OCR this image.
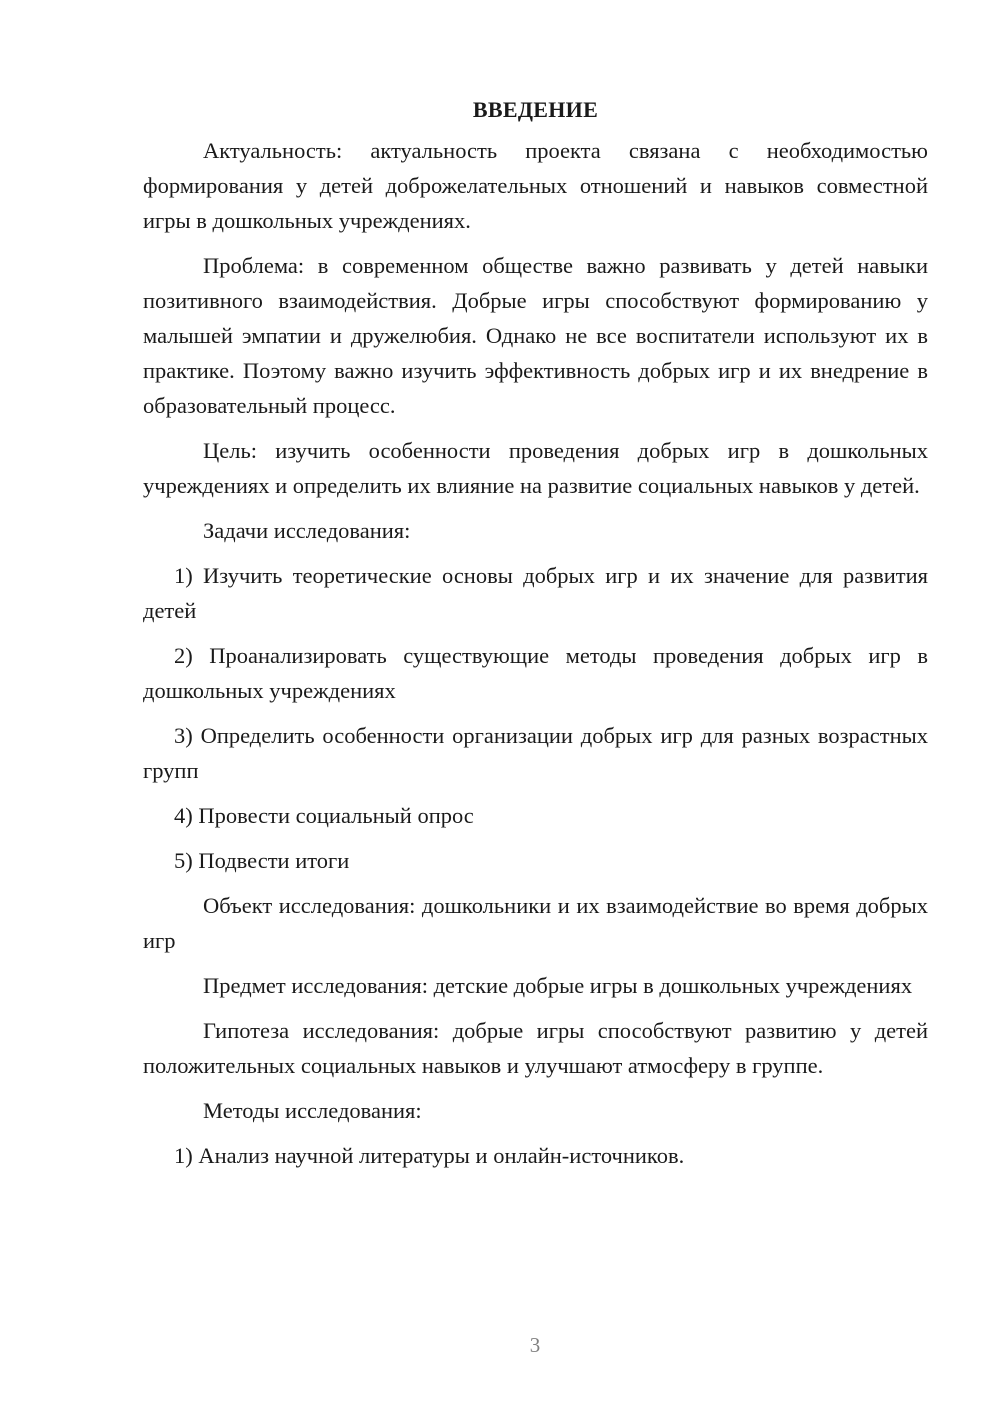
ВВЕДЕНИЕ

Актуальность: актуальность проекта связана с необходимостью формирования у детей доброжелательных отношений и навыков совместной игры в дошкольных учреждениях.

Проблема: в современном обществе важно развивать у детей навыки позитивного взаимодействия. Добрые игры способствуют формированию у малышей эмпатии и дружелюбия. Однако не все воспитатели используют их в практике. Поэтому важно изучить эффективность добрых игр и их внедрение в образовательный процесс.

Цель: изучить особенности проведения добрых игр в дошкольных учреждениях и определить их влияние на развитие социальных навыков у детей.

Задачи исследования:

1) Изучить теоретические основы добрых игр и их значение для развития детей

2) Проанализировать существующие методы проведения добрых игр в дошкольных учреждениях

3) Определить особенности организации добрых игр для разных возрастных групп

4) Провести социальный опрос

5) Подвести итоги

Объект исследования: дошкольники и их взаимодействие во время добрых игр

Предмет исследования: детские добрые игры в дошкольных учреждениях

Гипотеза исследования: добрые игры способствуют развитию у детей положительных социальных навыков и улучшают атмосферу в группе.

Методы исследования:

1) Анализ научной литературы и онлайн-источников.

3
